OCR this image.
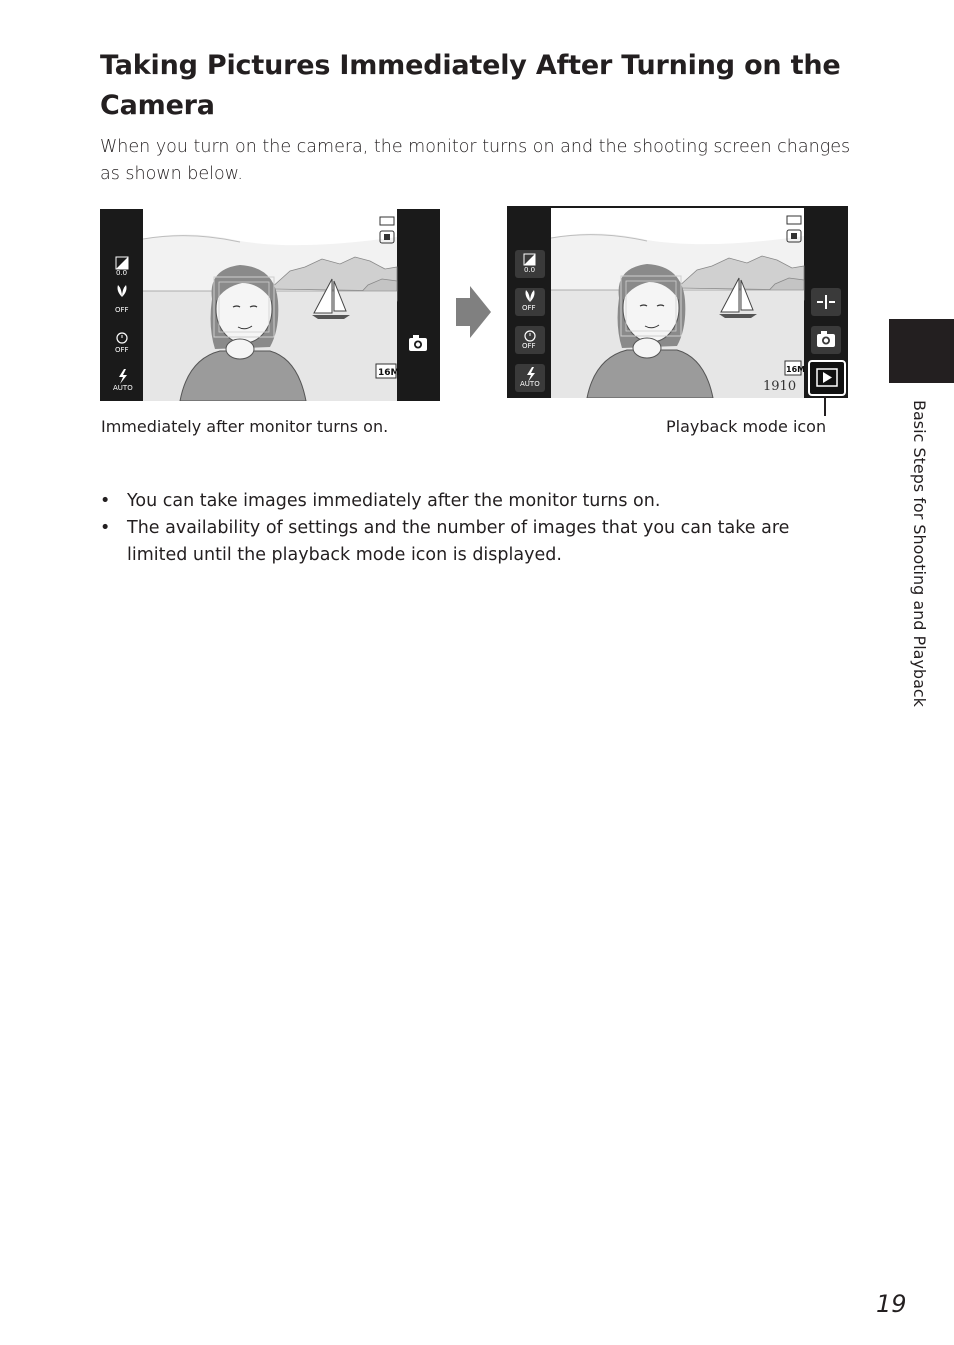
Taking Pictures Immediately After Turning on the Camera

When you turn on the camera, the monitor turns on and the shooting screen changes as shown below.

0.0
OFF
OFF
AUTO
16M
0.0
OFF
OFF
AUTO
16M
1910
Immediately after monitor turns on.	Playback mode icon
• You can take images immediately after the monitor turns on.
• The availability of settings and the number of images that you can take are limited until the playback mode icon is displayed.	Basic Steps for Shooting and Playback
19
